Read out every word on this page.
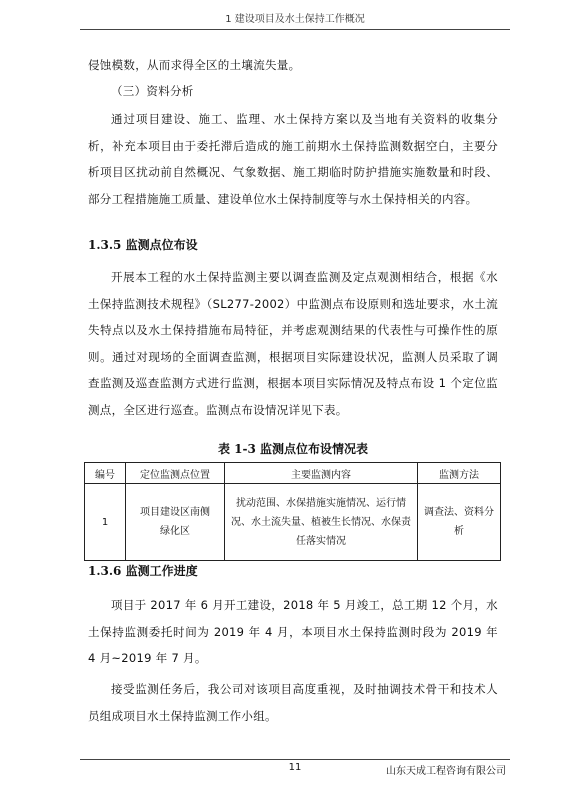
1 建设项目及水土保持工作概况

侵蚀模数，从而求得全区的土壤流失量。

（三）资料分析

通过项目建设、施工、监理、水土保持方案以及当地有关资料的收集分析，补充本项目由于委托滞后造成的施工前期水土保持监测数据空白，主要分析项目区扰动前自然概况、气象数据、施工期临时防护措施实施数量和时段、部分工程措施施工质量、建设单位水土保持制度等与水土保持相关的内容。

1.3.5 监测点位布设

开展本工程的水土保持监测主要以调查监测及定点观测相结合，根据《水土保持监测技术规程》（SL277-2002）中监测点布设原则和选址要求，水土流失特点以及水土保持措施布局特征，并考虑观测结果的代表性与可操作性的原则。通过对现场的全面调查监测，根据项目实际建设状况，监测人员采取了调查监测及巡查监测方式进行监测，根据本项目实际情况及特点布设 1 个定位监测点，全区进行巡查。监测点布设情况详见下表。

表 1-3 监测点位布设情况表

编号	定位监测点位置	主要监测内容	监测方法
1	项目建设区南侧绿化区	扰动范围、水保措施实施情况、运行情况、水土流失量、植被生长情况、水保责任落实情况	调查法、资料分析

1.3.6 监测工作进度

项目于 2017 年 6 月开工建设，2018 年 5 月竣工，总工期 12 个月，水土保持监测委托时间为 2019 年 4 月，本项目水土保持监测时段为 2019 年 4 月~2019 年 7 月。

接受监测任务后，我公司对该项目高度重视，及时抽调技术骨干和技术人员组成项目水土保持监测工作小组。

11	山东天成工程咨询有限公司
